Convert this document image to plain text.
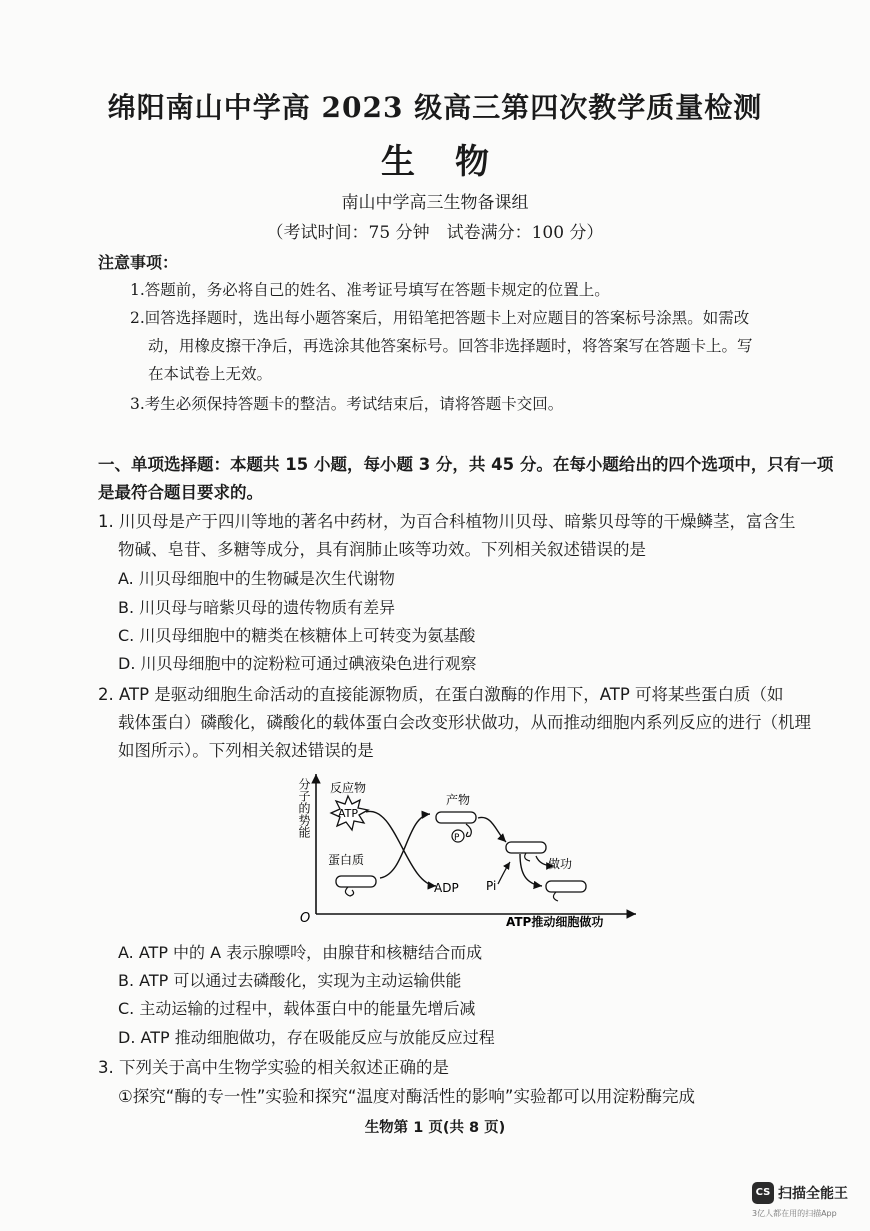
绵阳南山中学高 2023 级高三第四次教学质量检测
生物
南山中学高三生物备课组
（考试时间：75 分钟　试卷满分：100 分）
注意事项：
1.答题前，务必将自己的姓名、准考证号填写在答题卡规定的位置上。
2.回答选择题时，选出每小题答案后，用铅笔把答题卡上对应题目的答案标号涂黑。如需改
动，用橡皮擦干净后，再选涂其他答案标号。回答非选择题时，将答案写在答题卡上。写
在本试卷上无效。
3.考生必须保持答题卡的整洁。考试结束后，请将答题卡交回。
一、单项选择题：本题共 15 小题，每小题 3 分，共 45 分。在每小题给出的四个选项中，只有一项
是最符合题目要求的。
1. 川贝母是产于四川等地的著名中药材，为百合科植物川贝母、暗紫贝母等的干燥鳞茎，富含生
物碱、皂苷、多糖等成分，具有润肺止咳等功效。下列相关叙述错误的是
A. 川贝母细胞中的生物碱是次生代谢物
B. 川贝母与暗紫贝母的遗传物质有差异
C. 川贝母细胞中的糖类在核糖体上可转变为氨基酸
D. 川贝母细胞中的淀粉粒可通过碘液染色进行观察
2. ATP 是驱动细胞生命活动的直接能源物质，在蛋白激酶的作用下，ATP 可将某些蛋白质（如
载体蛋白）磷酸化，磷酸化的载体蛋白会改变形状做功，从而推动细胞内系列反应的进行（机理
如图所示）。下列相关叙述错误的是
分子的势能
O	ATP推动细胞做功
反应物
ATP
蛋白质
ADP
产物
P
做功
Pi
A. ATP 中的 A 表示腺嘌呤，由腺苷和核糖结合而成
B. ATP 可以通过去磷酸化，实现为主动运输供能
C. 主动运输的过程中，载体蛋白中的能量先增后减
D. ATP 推动细胞做功，存在吸能反应与放能反应过程
3. 下列关于高中生物学实验的相关叙述正确的是
①探究“酶的专一性”实验和探究“温度对酶活性的影响”实验都可以用淀粉酶完成
生物第 1 页(共 8 页)
CS 扫描全能王
3亿人都在用的扫描App
